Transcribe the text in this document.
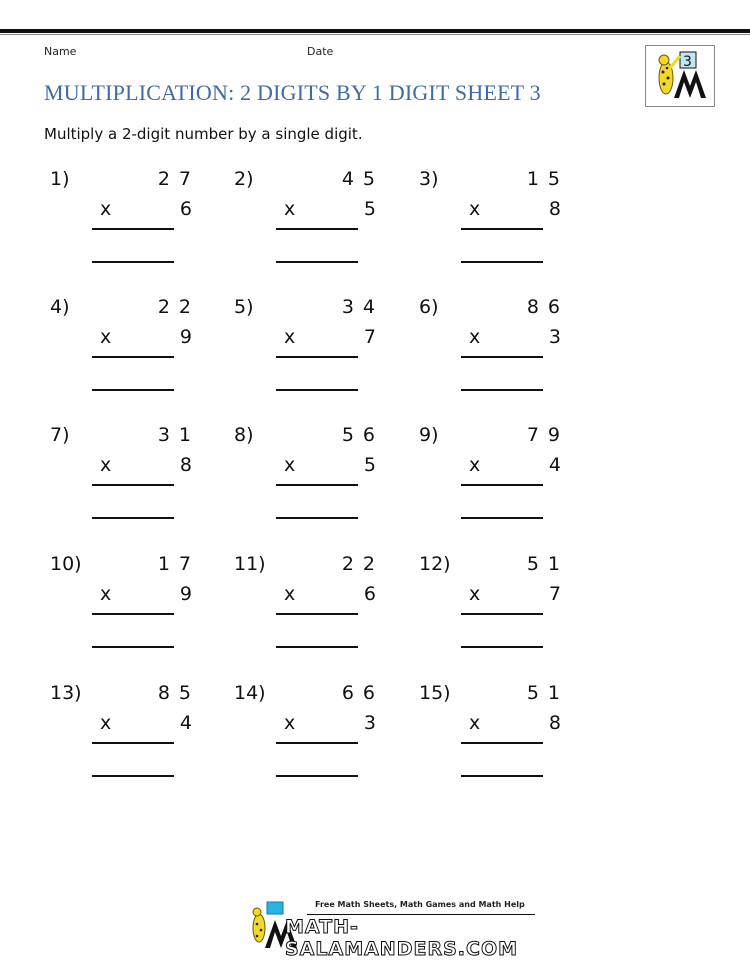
Name	Date
3
MULTIPLICATION: 2 DIGITS BY 1 DIGIT SHEET 3
Multiply a 2-digit number by a single digit.
1)	27
x	6
2)	45
x	5
3)	15
x	8
4)	22
x	9
5)	34
x	7
6)	86
x	3
7)	31
x	8
8)	56
x	5
9)	79
x	4
10)	17
x	9
11)	22
x	6
12)	51
x	7
13)	85
x	4
14)	66
x	3
15)	51
x	8
Free Math Sheets, Math Games and Math Help
MATH-SALAMANDERS.COM
